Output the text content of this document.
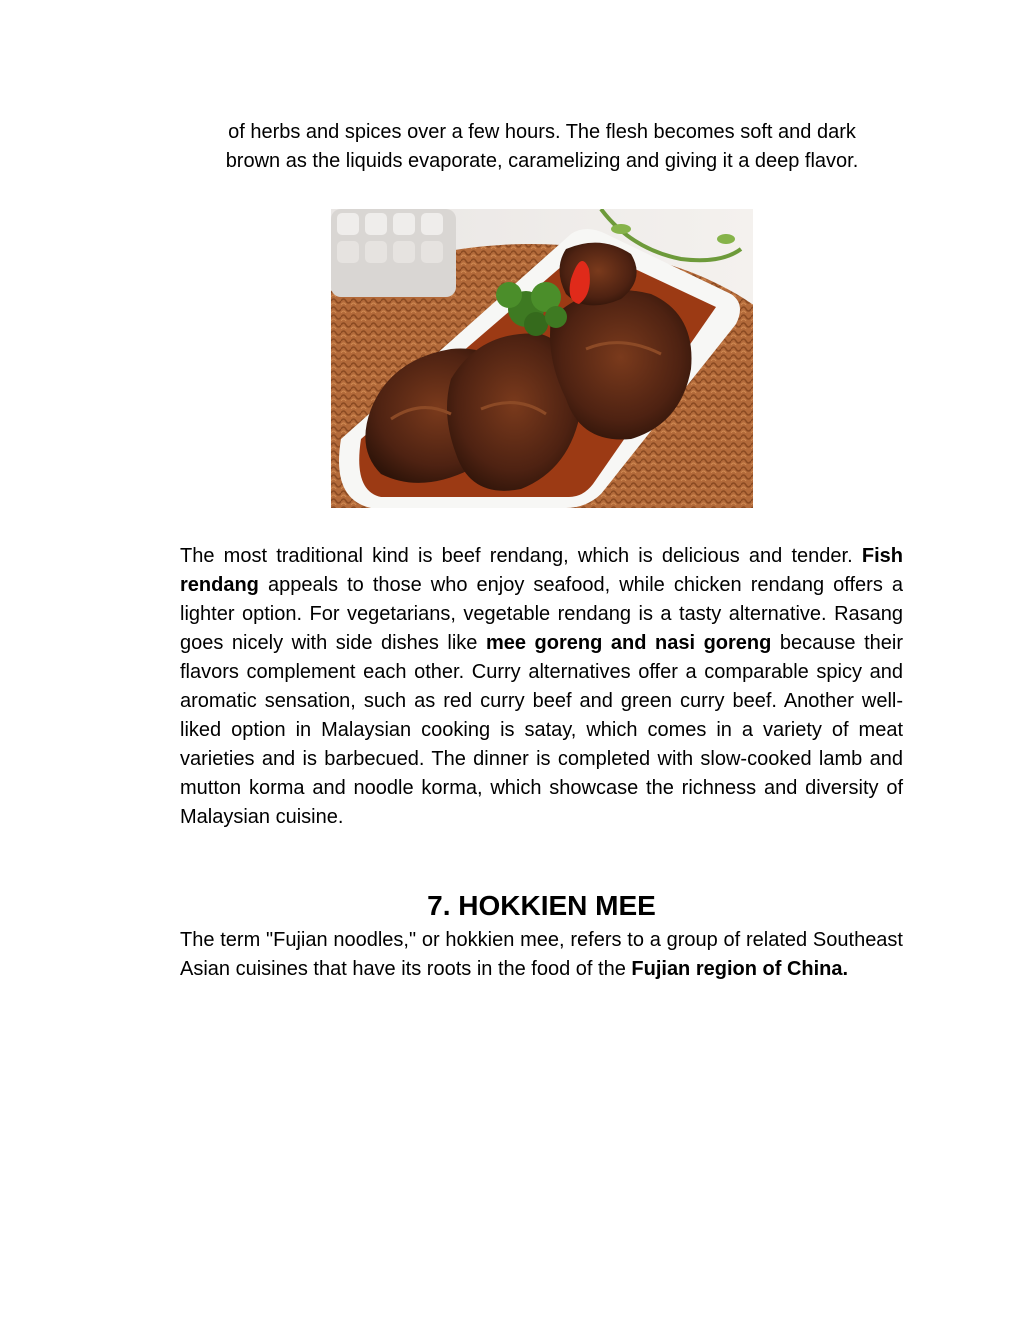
of herbs and spices over a few hours. The flesh becomes soft and dark

brown as the liquids evaporate, caramelizing and giving it a deep flavor.

The most traditional kind is beef rendang, which is delicious and tender. Fish rendang appeals to those who enjoy seafood, while chicken rendang offers a lighter option. For vegetarians, vegetable rendang is a tasty alternative. Rasang goes nicely with side dishes like mee goreng and nasi goreng because their flavors complement each other. Curry alternatives offer a comparable spicy and aromatic sensation, such as red curry beef and green curry beef. Another well-liked option in Malaysian cooking is satay, which comes in a variety of meat varieties and is barbecued. The dinner is completed with slow-cooked lamb and mutton korma and noodle korma, which showcase the richness and diversity of Malaysian cuisine.

7. HOKKIEN MEE

The term "Fujian noodles," or hokkien mee, refers to a group of related Southeast Asian cuisines that have its roots in the food of the Fujian region of China.
